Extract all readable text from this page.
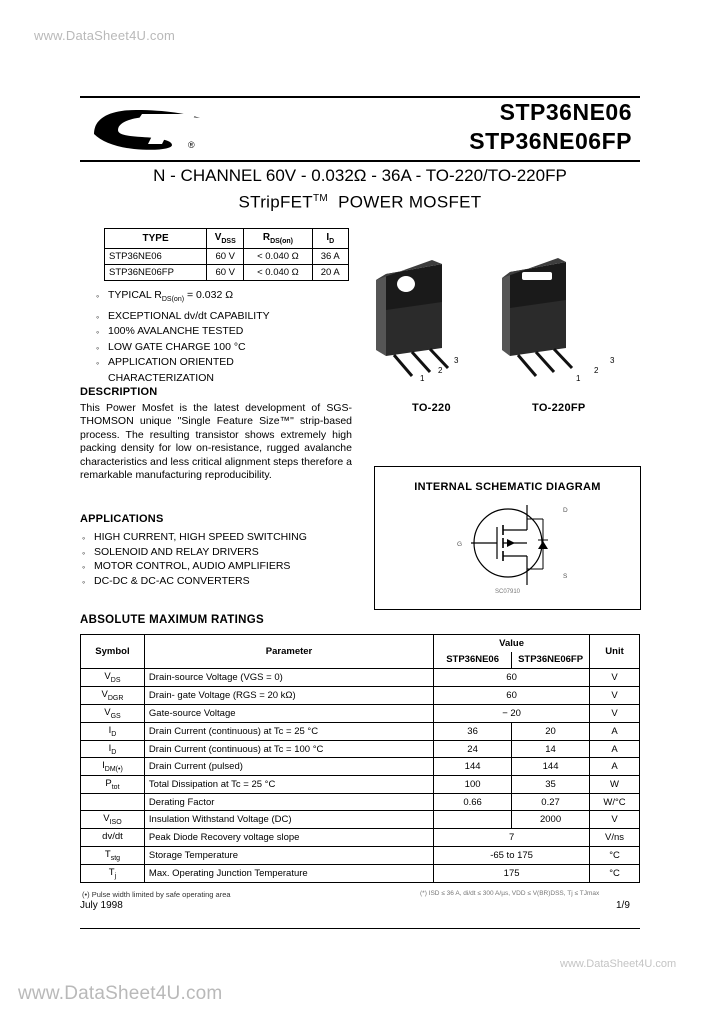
www.DataSheet4U.com
®
STP36NE06
STP36NE06FP
N - CHANNEL 60V - 0.032Ω - 36A - TO-220/TO-220FP
STripFET™ POWER MOSFET
TYPE	$V_{DSS}$	$R_{DS(on)}$	$I_D$
STP36NE06	60 V	< 0.040 Ω	36 A
STP36NE06FP	60 V	< 0.040 Ω	20 A
◦ TYPICAL $R_{DS(on)} = 0.032$ Ω
◦ EXCEPTIONAL dv/dt CAPABILITY
◦ 100% AVALANCHE TESTED
◦ LOW GATE CHARGE 100 °C
◦ APPLICATION ORIENTED
CHARACTERIZATION
DESCRIPTION

This Power Mosfet is the latest development of SGS-THOMSON unique "Single Feature Size™" strip-based process. The resulting transistor shows extremely high packing density for low on-resistance, rugged avalanche characteristics and less critical alignment steps therefore a remarkable manufacturing reproducibility.

APPLICATIONS
◦ HIGH CURRENT, HIGH SPEED SWITCHING
◦ SOLENOID AND RELAY DRIVERS
◦ MOTOR CONTROL, AUDIO AMPLIFIERS
◦ DC-DC & DC-AC CONVERTERS
3
2
1
3
2
1
TO-220	TO-220FP
INTERNAL SCHEMATIC DIAGRAM
G
D
S
SC07910
ABSOLUTE MAXIMUM RATINGS
Symbol	Parameter	Value		Unit
		STP36NE06	STP36NE06FP	
$V_{DS}$	Drain-source Voltage (VGS = 0)	60		V
$V_{DGR}$	Drain- gate Voltage (RGS = 20 kΩ)	60		V
$V_{GS}$	Gate-source Voltage	− 20		V
$I_D$	Drain Current (continuous) at Tc = 25 °C	36	20	A
$I_D$	Drain Current (continuous) at Tc = 100 °C	24	14	A
$I_{DM(•)}$	Drain Current (pulsed)	144	144	A
$P_{tot}$	Total Dissipation at Tc = 25 °C	100	35	W
	Derating Factor	0.66	0.27	W/°C
$V_{ISO}$	Insulation Withstand Voltage (DC)		2000	V
dv/dt	Peak Diode Recovery voltage slope	7		V/ns
$T_{stg}$	Storage Temperature	-65 to 175		°C
$T_j$	Max. Operating Junction Temperature	175		°C
(•) Pulse width limited by safe operating area	(*) ISD ≤ 36 A, di/dt ≤ 300 A/µs, VDD ≤ V(BR)DSS, Tj ≤ TJmax
July 1998	1/9
www.DataSheet4U.com
www.DataSheet4U.com
